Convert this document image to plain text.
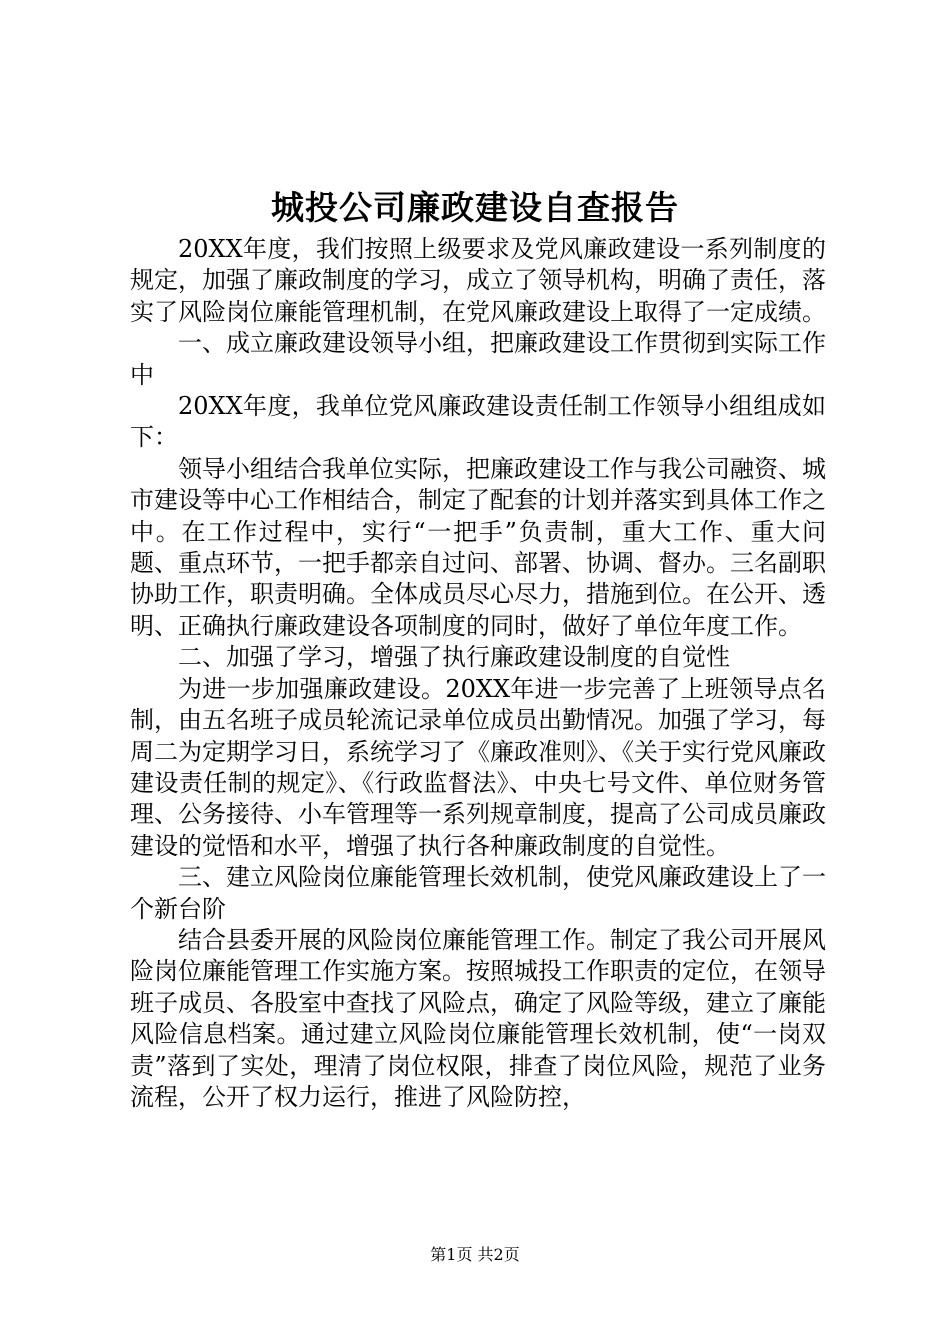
城投公司廉政建设自查报告

20XX年度，我们按照上级要求及党风廉政建设一系列制度的规定，加强了廉政制度的学习，成立了领导机构，明确了责任，落实了风险岗位廉能管理机制，在党风廉政建设上取得了一定成绩。

一、成立廉政建设领导小组，把廉政建设工作贯彻到实际工作中

20XX年度，我单位党风廉政建设责任制工作领导小组组成如下：

领导小组结合我单位实际，把廉政建设工作与我公司融资、城市建设等中心工作相结合，制定了配套的计划并落实到具体工作之中。在工作过程中，实行“一把手”负责制，重大工作、重大问题、重点环节，一把手都亲自过问、部署、协调、督办。三名副职协助工作，职责明确。全体成员尽心尽力，措施到位。在公开、透明、正确执行廉政建设各项制度的同时，做好了单位年度工作。

二、加强了学习，增强了执行廉政建设制度的自觉性

为进一步加强廉政建设。20XX年进一步完善了上班领导点名制，由五名班子成员轮流记录单位成员出勤情况。加强了学习，每周二为定期学习日，系统学习了《廉政准则》、《关于实行党风廉政建设责任制的规定》、《行政监督法》、中央七号文件、单位财务管理、公务接待、小车管理等一系列规章制度，提高了公司成员廉政建设的觉悟和水平，增强了执行各种廉政制度的自觉性。

三、建立风险岗位廉能管理长效机制，使党风廉政建设上了一个新台阶

结合县委开展的风险岗位廉能管理工作。制定了我公司开展风险岗位廉能管理工作实施方案。按照城投工作职责的定位，在领导班子成员、各股室中查找了风险点，确定了风险等级，建立了廉能风险信息档案。通过建立风险岗位廉能管理长效机制，使“一岗双责”落到了实处，理清了岗位权限，排查了岗位风险，规范了业务流程，公开了权力运行，推进了风险防控，

第1页 共2页
